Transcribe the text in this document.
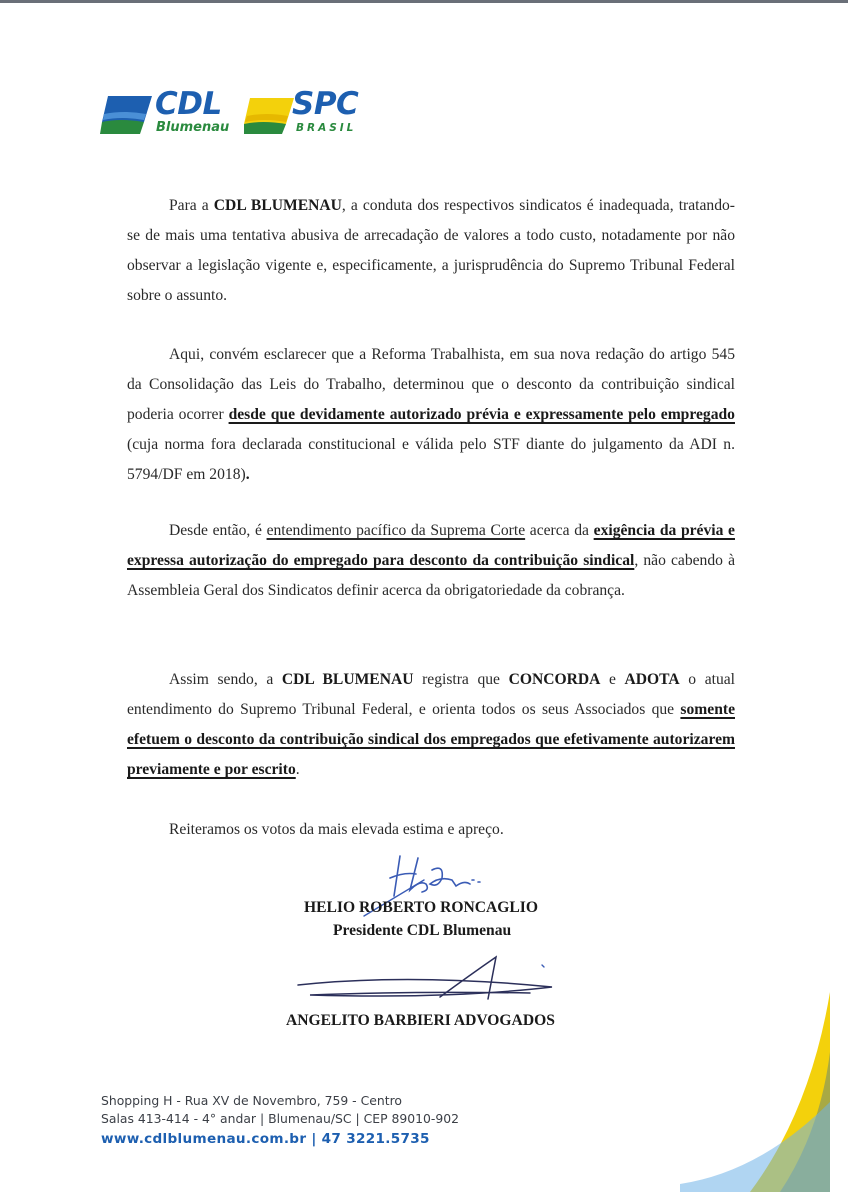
CDL
Blumenau
SPC
BRASIL

Para a CDL BLUMENAU, a conduta dos respectivos sindicatos é inadequada, tratando-se de mais uma tentativa abusiva de arrecadação de valores a todo custo, notadamente por não observar a legislação vigente e, especificamente, a jurisprudência do Supremo Tribunal Federal sobre o assunto.

Aqui, convém esclarecer que a Reforma Trabalhista, em sua nova redação do artigo 545 da Consolidação das Leis do Trabalho, determinou que o desconto da contribuição sindical poderia ocorrer desde que devidamente autorizado prévia e expressamente pelo empregado (cuja norma fora declarada constitucional e válida pelo STF diante do julgamento da ADI n. 5794/DF em 2018).

Desde então, é entendimento pacífico da Suprema Corte acerca da exigência da prévia e expressa autorização do empregado para desconto da contribuição sindical, não cabendo à Assembleia Geral dos Sindicatos definir acerca da obrigatoriedade da cobrança.

Assim sendo, a CDL BLUMENAU registra que CONCORDA e ADOTA o atual entendimento do Supremo Tribunal Federal, e orienta todos os seus Associados que somente efetuem o desconto da contribuição sindical dos empregados que efetivamente autorizarem previamente e por escrito.

Reiteramos os votos da mais elevada estima e apreço.

HELIO ROBERTO RONCAGLIO
Presidente CDL Blumenau
ANGELITO BARBIERI ADVOGADOS
Shopping H - Rua XV de Novembro, 759 - Centro
Salas 413-414 - 4° andar | Blumenau/SC | CEP 89010-902
www.cdlblumenau.com.br | 47 3221.5735
